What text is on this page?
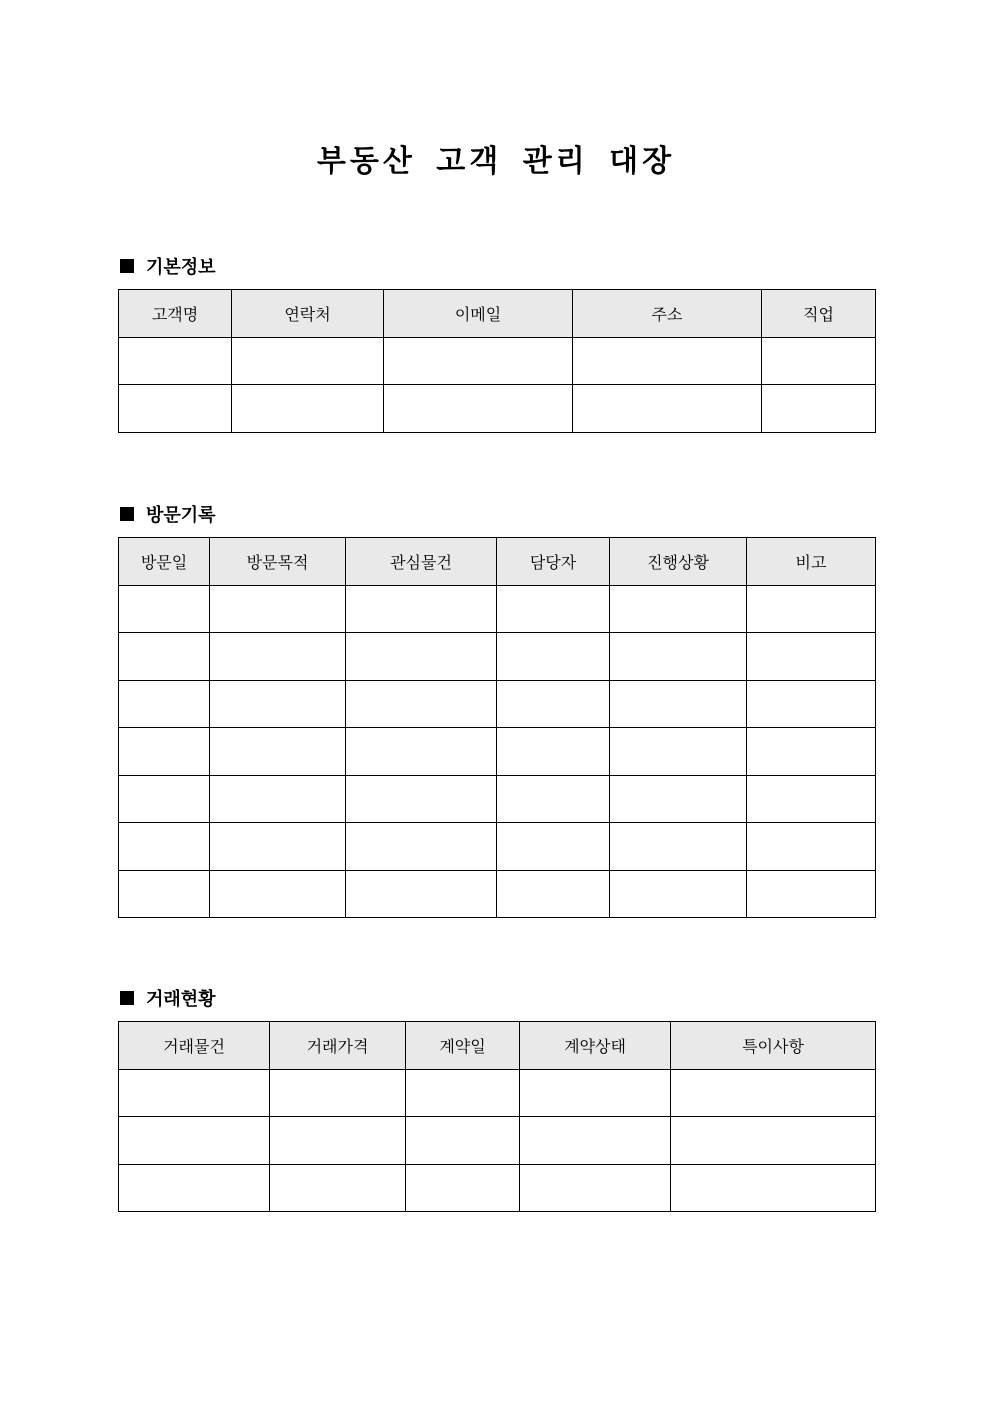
부동산 고객 관리 대장
기본정보
고객명	연락처	이메일	주소	직업

방문기록
방문일	방문목적	관심물건	담당자	진행상황	비고

거래현황
거래물건	거래가격	계약일	계약상태	특이사항
